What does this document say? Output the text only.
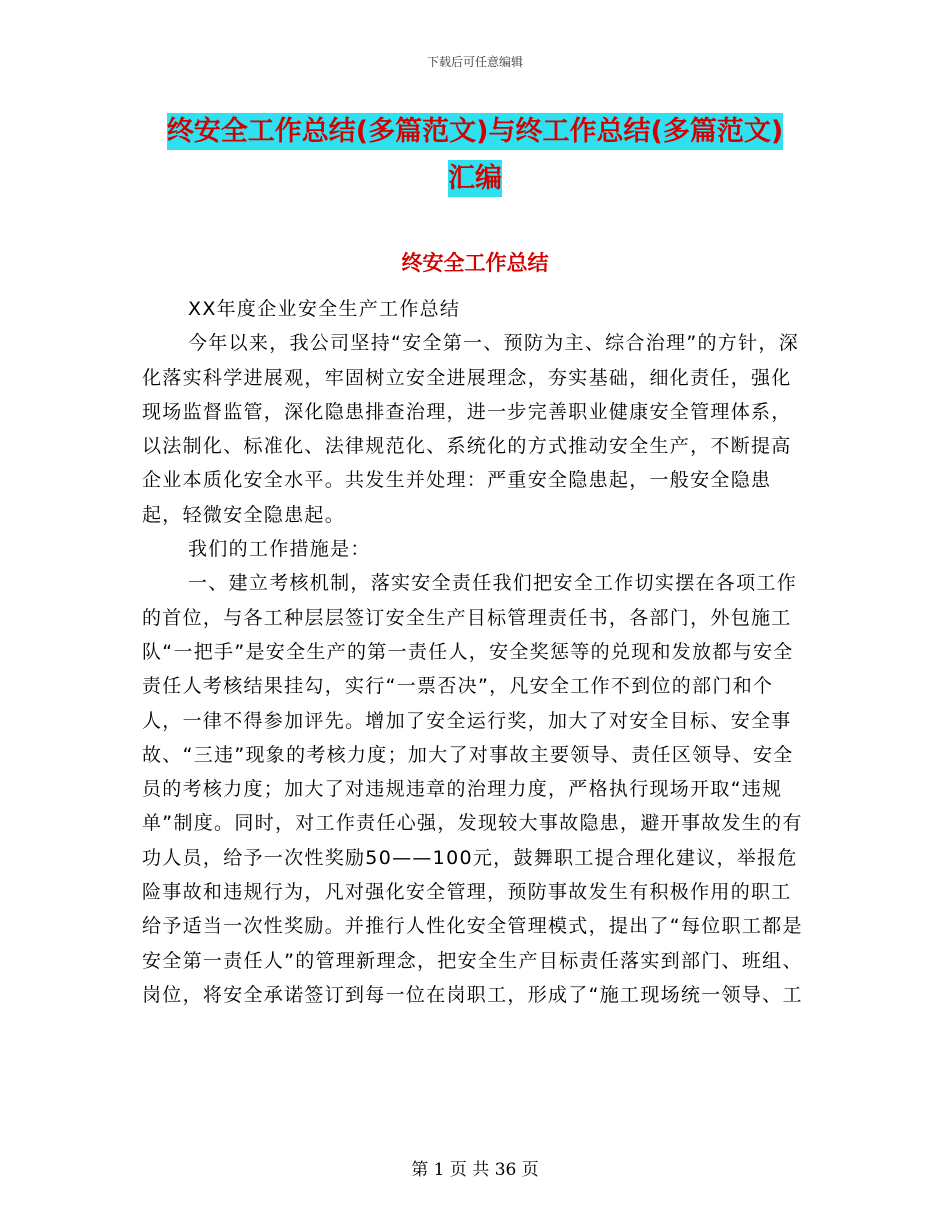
下载后可任意编辑
终安全工作总结(多篇范文)与终工作总结(多篇范文)
汇编
终安全工作总结

XX年度企业安全生产工作总结

今年以来，我公司坚持“安全第一、预防为主、综合治理”的方针，深化落实科学进展观，牢固树立安全进展理念，夯实基础，细化责任，强化现场监督监管，深化隐患排查治理，进一步完善职业健康安全管理体系，以法制化、标准化、法律规范化、系统化的方式推动安全生产，不断提高企业本质化安全水平。共发生并处理：严重安全隐患起，一般安全隐患起，轻微安全隐患起。

我们的工作措施是：

一、建立考核机制，落实安全责任我们把安全工作切实摆在各项工作的首位，与各工种层层签订安全生产目标管理责任书，各部门，外包施工队“一把手”是安全生产的第一责任人，安全奖惩等的兑现和发放都与安全责任人考核结果挂勾，实行“一票否决”，凡安全工作不到位的部门和个人，一律不得参加评先。增加了安全运行奖，加大了对安全目标、安全事故、“三违”现象的考核力度；加大了对事故主要领导、责任区领导、安全员的考核力度；加大了对违规违章的治理力度，严格执行现场开取“违规单”制度。同时，对工作责任心强，发现较大事故隐患，避开事故发生的有功人员，给予一次性奖励50——100元，鼓舞职工提合理化建议，举报危险事故和违规行为，凡对强化安全管理，预防事故发生有积极作用的职工给予适当一次性奖励。并推行人性化安全管理模式，提出了“每位职工都是安全第一责任人”的管理新理念，把安全生产目标责任落实到部门、班组、岗位，将安全承诺签订到每一位在岗职工，形成了“施工现场统一领导、工

第 1 页 共 36 页
